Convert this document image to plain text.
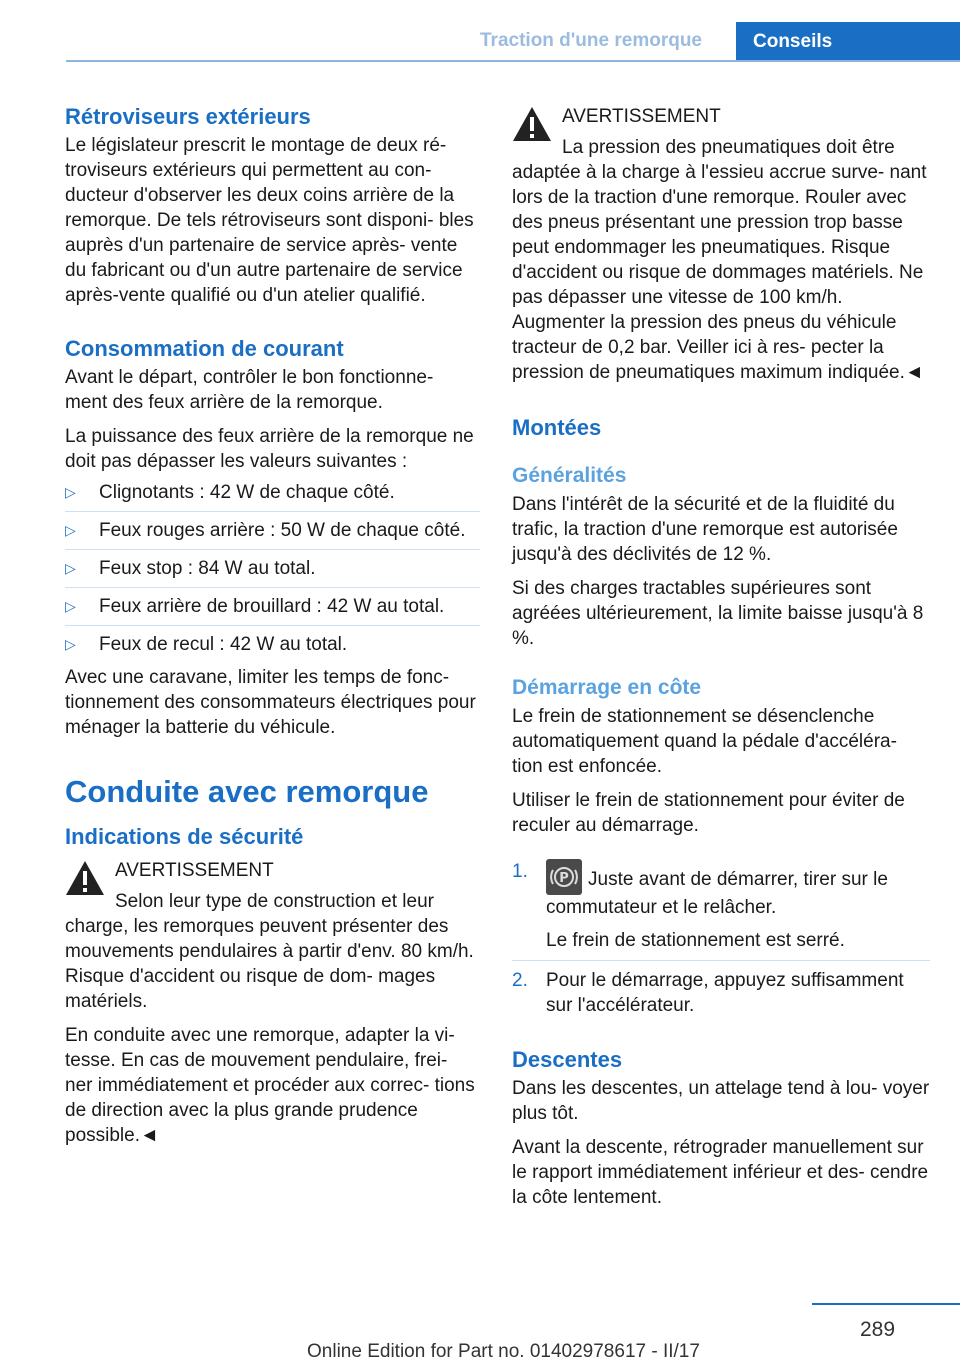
Traction d'une remorque	Conseils
Rétroviseurs extérieurs

Le législateur prescrit le montage de deux ré- troviseurs extérieurs qui permettent au con- ducteur d'observer les deux coins arrière de la remorque. De tels rétroviseurs sont disponi- bles auprès d'un partenaire de service après- vente du fabricant ou d'un autre partenaire de service après-vente qualifié ou d'un atelier qualifié.

Consommation de courant

Avant le départ, contrôler le bon fonctionne- ment des feux arrière de la remorque.

La puissance des feux arrière de la remorque ne doit pas dépasser les valeurs suivantes :

▷ Clignotants : 42 W de chaque côté.
▷ Feux rouges arrière : 50 W de chaque côté.
▷ Feux stop : 84 W au total.
▷ Feux arrière de brouillard : 42 W au total.
▷ Feux de recul : 42 W au total.

Avec une caravane, limiter les temps de fonc- tionnement des consommateurs électriques pour ménager la batterie du véhicule.

Conduite avec remorque
Indications de sécurité
AVERTISSEMENT

Selon leur type de construction et leur charge, les remorques peuvent présenter des mouvements pendulaires à partir d'env. 80 km/h. Risque d'accident ou risque de dom- mages matériels.

En conduite avec une remorque, adapter la vi- tesse. En cas de mouvement pendulaire, frei- ner immédiatement et procéder aux correc- tions de direction avec la plus grande prudence possible.◄

AVERTISSEMENT

La pression des pneumatiques doit être adaptée à la charge à l'essieu accrue surve- nant lors de la traction d'une remorque. Rouler avec des pneus présentant une pression trop basse peut endommager les pneumatiques. Risque d'accident ou risque de dommages matériels. Ne pas dépasser une vitesse de 100 km/h. Augmenter la pression des pneus du véhicule tracteur de 0,2 bar. Veiller ici à res- pecter la pression de pneumatiques maximum indiquée.◄

Montées
Généralités

Dans l'intérêt de la sécurité et de la fluidité du trafic, la traction d'une remorque est autorisée jusqu'à des déclivités de 12 %.

Si des charges tractables supérieures sont agréées ultérieurement, la limite baisse jusqu'à 8 %.

Démarrage en côte

Le frein de stationnement se désenclenche automatiquement quand la pédale d'accéléra- tion est enfoncée.

Utiliser le frein de stationnement pour éviter de reculer au démarrage.

1. P Juste avant de démarrer, tirer sur le commutateur et le relâcher.
Le frein de stationnement est serré.
2. Pour le démarrage, appuyez suffisamment sur l'accélérateur.
Descentes

Dans les descentes, un attelage tend à lou- voyer plus tôt.

Avant la descente, rétrograder manuellement sur le rapport immédiatement inférieur et des- cendre la côte lentement.

289
Online Edition for Part no. 01402978617 - II/17
